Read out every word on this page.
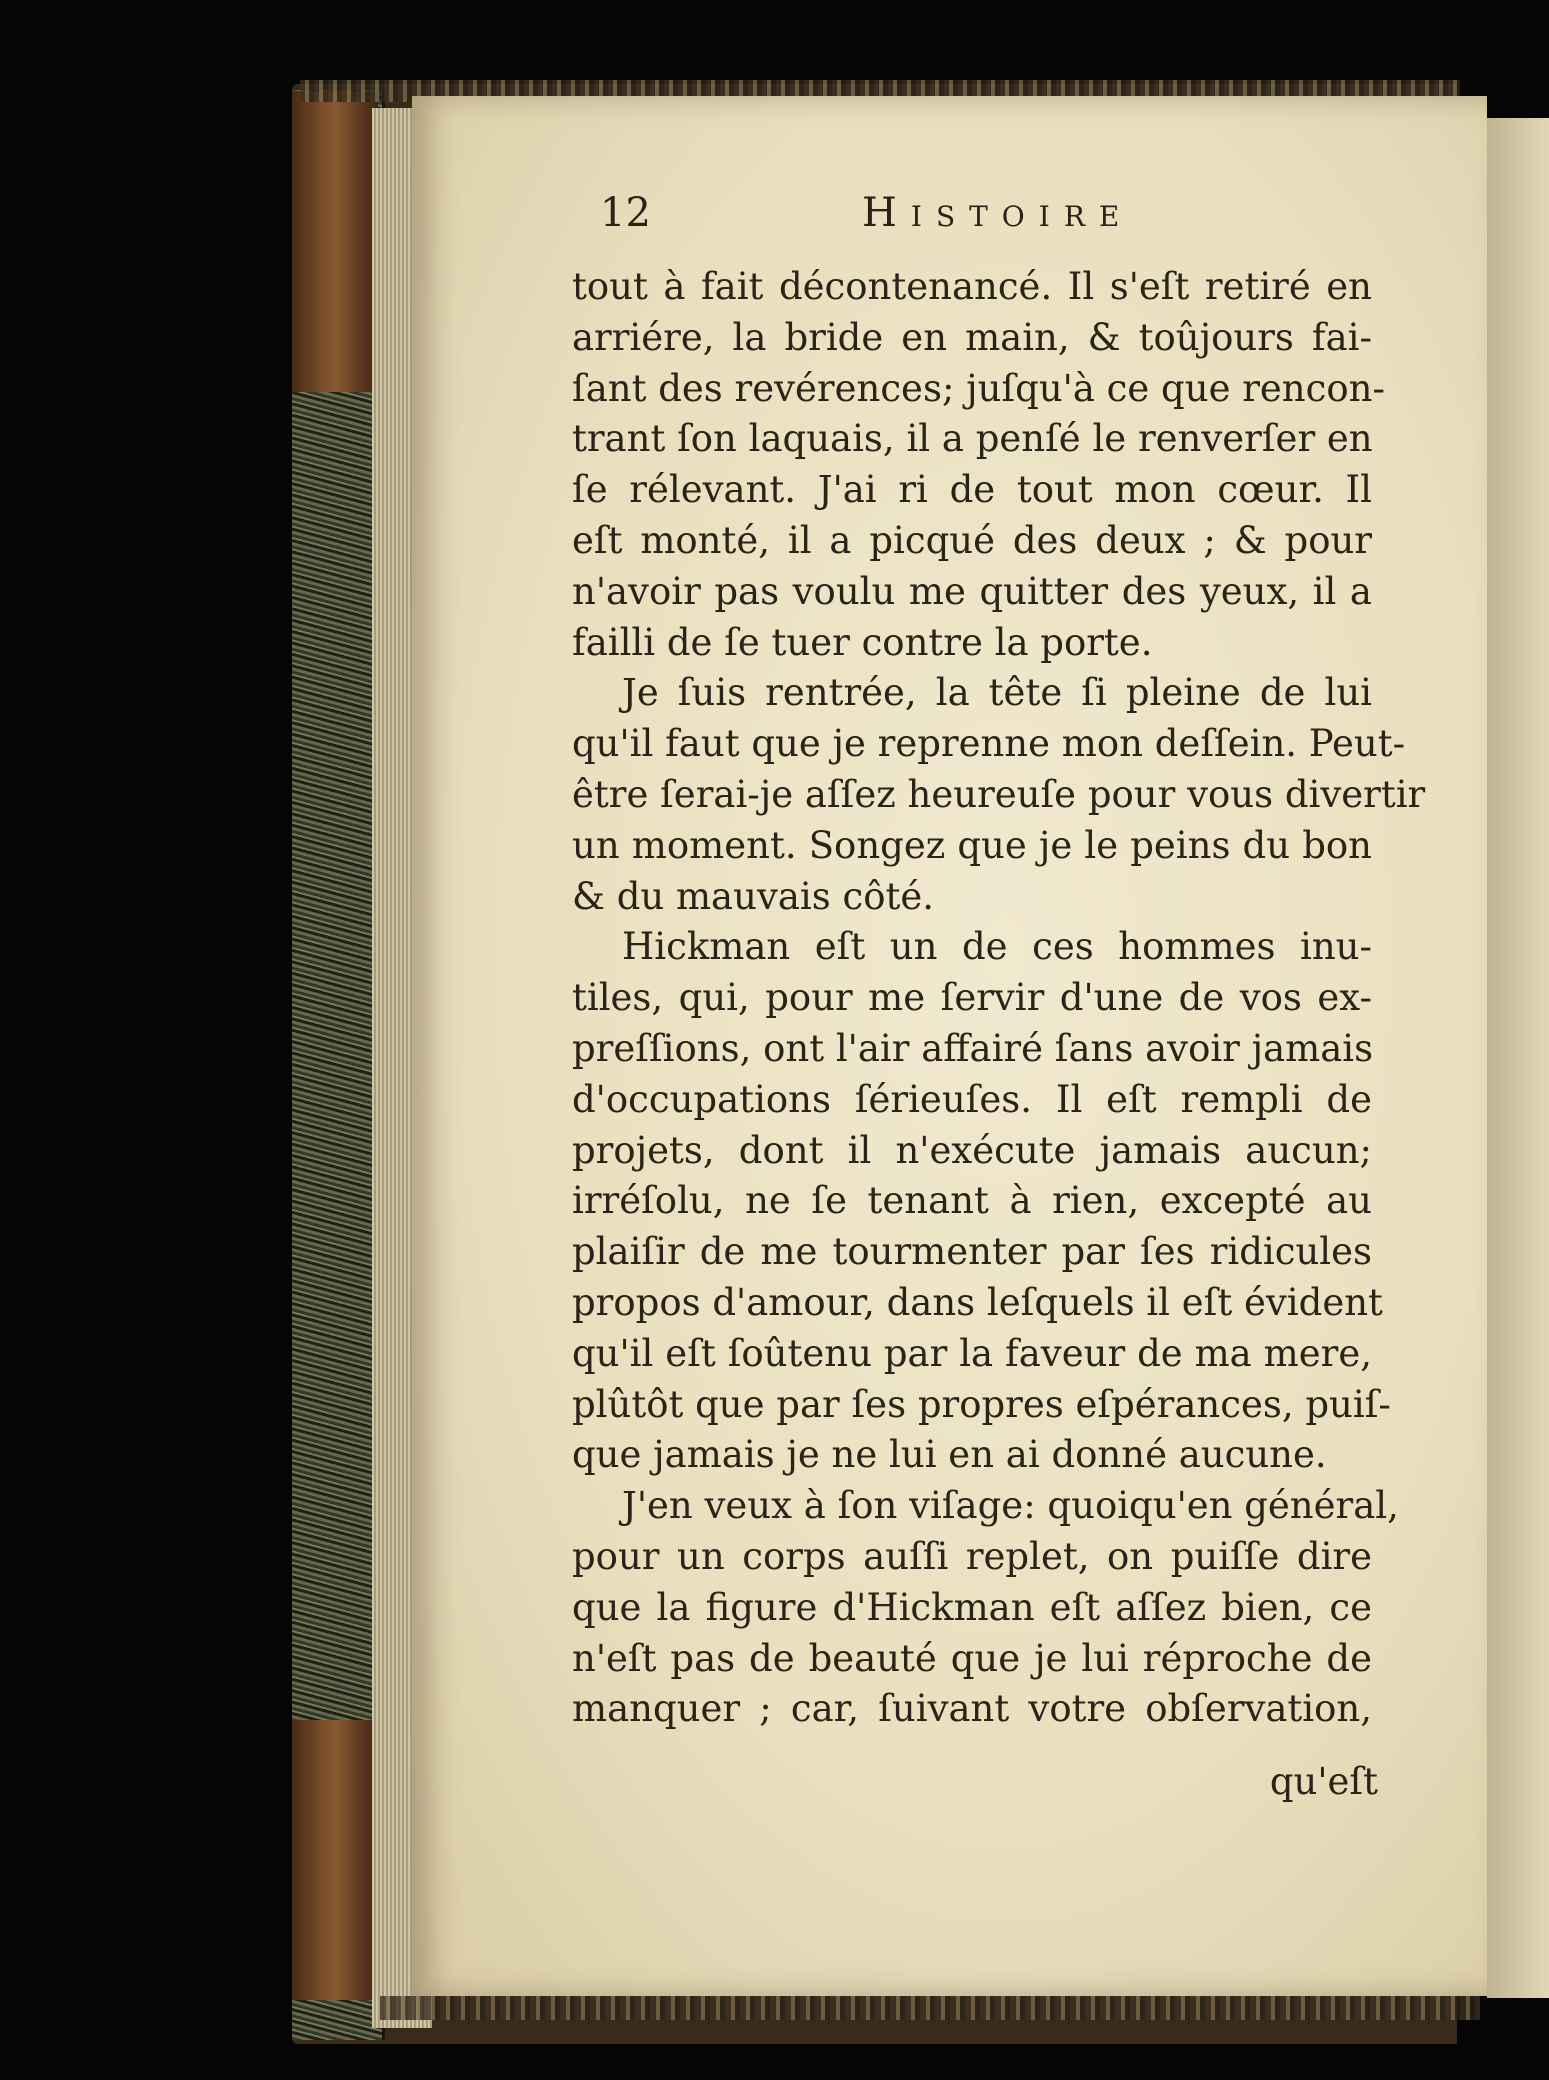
12	Histoire
tout à fait décontenancé. Il s'eſt retiré en
arriére, la bride en main, & toûjours fai-
ſant des revérences; juſqu'à ce que rencon-
trant ſon laquais, il a penſé le renverſer en
ſe rélevant. J'ai ri de tout mon cœur. Il
eſt monté, il a picqué des deux ; & pour
n'avoir pas voulu me quitter des yeux, il a
failli de ſe tuer contre la porte.
Je ſuis rentrée, la tête ſi pleine de lui
qu'il faut que je reprenne mon deſſein. Peut-
être ſerai-je aſſez heureuſe pour vous divertir
un moment. Songez que je le peins du bon
& du mauvais côté.
Hickman eſt un de ces hommes inu-
tiles, qui, pour me ſervir d'une de vos ex-
preſſions, ont l'air affairé ſans avoir jamais
d'occupations ſérieuſes. Il eſt rempli de
projets, dont il n'exécute jamais aucun;
irréſolu, ne ſe tenant à rien, excepté au
plaiſir de me tourmenter par ſes ridicules
propos d'amour, dans leſquels il eſt évident
qu'il eſt ſoûtenu par la faveur de ma mere,
plûtôt que par ſes propres eſpérances, puiſ-
que jamais je ne lui en ai donné aucune.
J'en veux à ſon viſage: quoiqu'en général,
pour un corps auſſi replet, on puiſſe dire
que la figure d'Hickman eſt aſſez bien, ce
n'eſt pas de beauté que je lui réproche de
manquer ; car, ſuivant votre obſervation,
qu'eſt
